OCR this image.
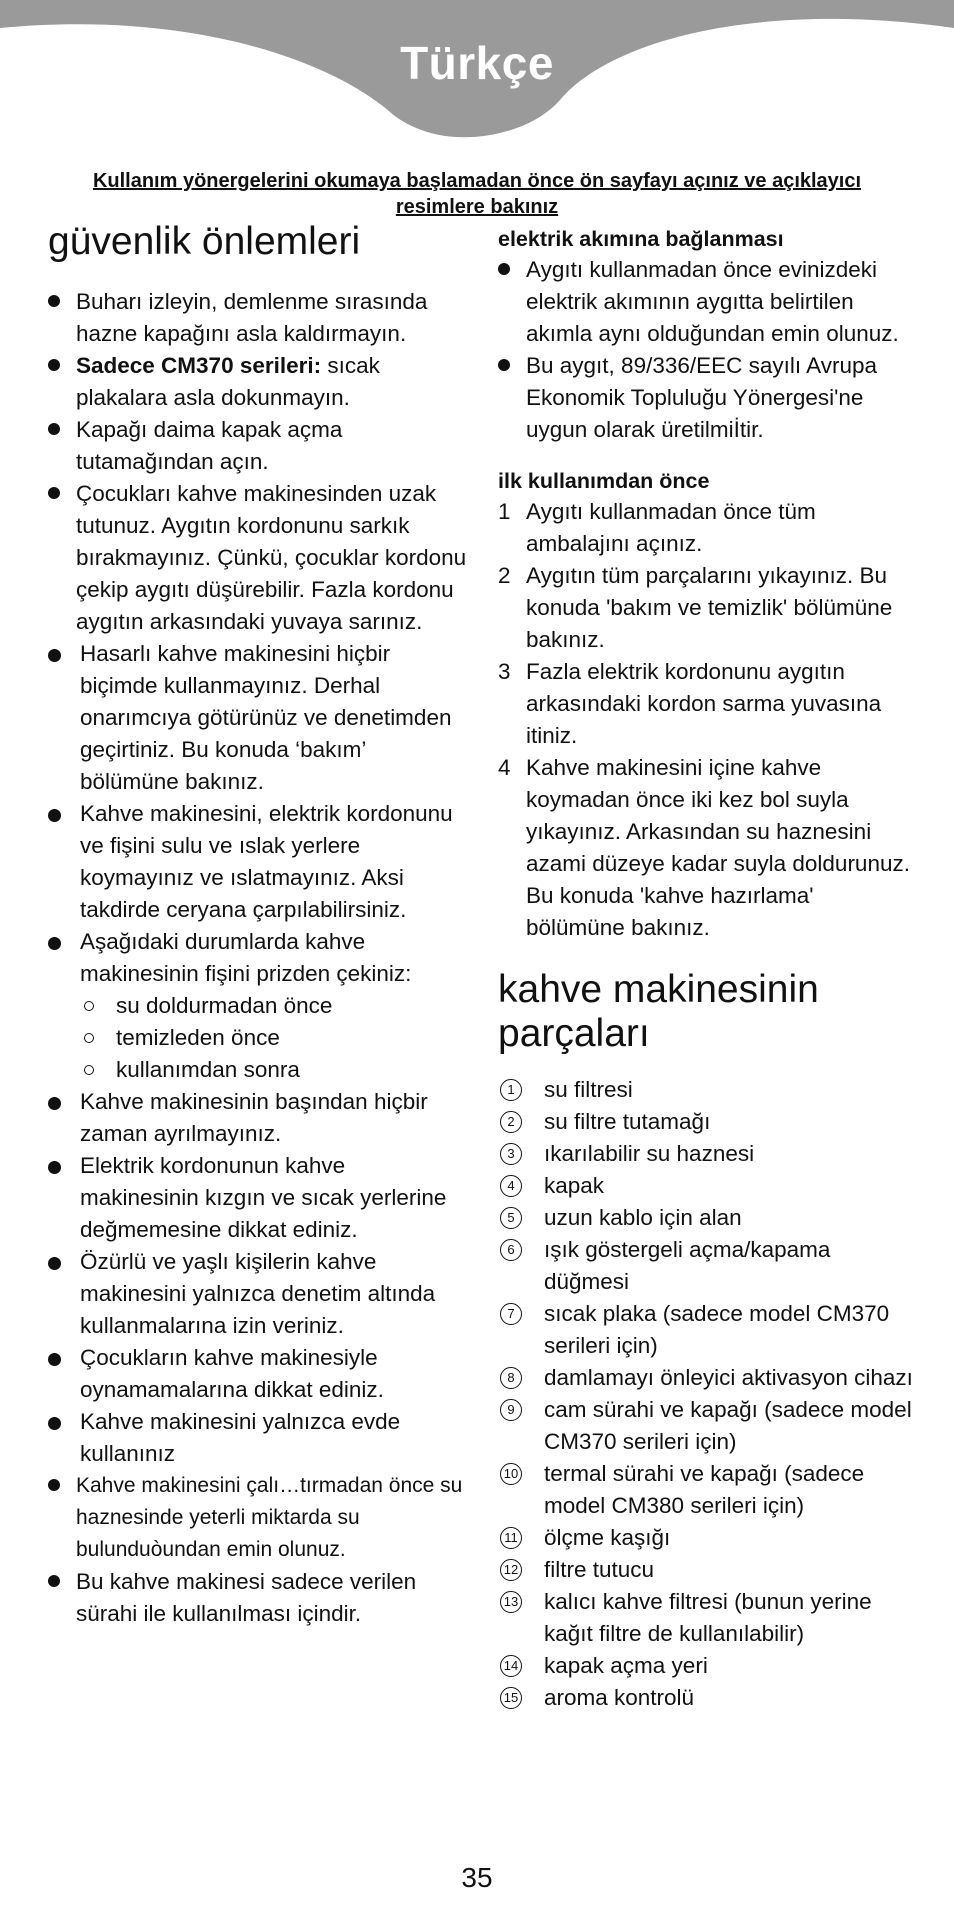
Türkçe
Kullanım yönergelerini okumaya başlamadan önce ön sayfayı açınız ve açıklayıcı resimlere bakınız
güvenlik önlemleri
Buharı izleyin, demlenme sırasında hazne kapağını asla kaldırmayın.
Sadece CM370 serileri: sıcak plakalara asla dokunmayın.
Kapağı daima kapak açma tutamağından açın.
Çocukları kahve makinesinden uzak tutunuz. Aygıtın kordonunu sarkık bırakmayınız. Çünkü, çocuklar kordonu çekip aygıtı düşürebilir. Fazla kordonu aygıtın arkasındaki yuvaya sarınız.
Hasarlı kahve makinesini hiçbir biçimde kullanmayınız. Derhal onarımcıya götürünüz ve denetimden geçirtiniz. Bu konuda ‘bakım’ bölümüne bakınız.
Kahve makinesini, elektrik kordonunu ve fişini sulu ve ıslak yerlere koymayınız ve ıslatmayınız. Aksi takdirde ceryana çarpılabilirsiniz.
Aşağıdaki durumlarda kahve makinesinin fişini prizden çekiniz:
su doldurmadan önce
temizleden önce
kullanımdan sonra
Kahve makinesinin başından hiçbir zaman ayrılmayınız.
Elektrik kordonunun kahve makinesinin kızgın ve sıcak yerlerine değmemesine dikkat ediniz.
Özürlü ve yaşlı kişilerin kahve makinesini yalnızca denetim altında kullanmalarına izin veriniz.
Çocukların kahve makinesiyle oynamamalarına dikkat ediniz.
Kahve makinesini yalnızca evde kullanınız
Kahve makinesini çalı…tırmadan önce su haznesinde yeterli miktarda su bulunduòundan emin olunuz.
Bu kahve makinesi sadece verilen sürahi ile kullanılması içindir.
elektrik akımına bağlanması
Aygıtı kullanmadan önce evinizdeki elektrik akımının aygıtta belirtilen akımla aynı olduğundan emin olunuz.
Bu aygıt, 89/336/EEC sayılı Avrupa Ekonomik Topluluğu Yönergesi'ne uygun olarak üretilmiİtir.
ilk kullanımdan önce
1 Aygıtı kullanmadan önce tüm ambalajını açınız.
2 Aygıtın tüm parçalarını yıkayınız. Bu konuda 'bakım ve temizlik' bölümüne bakınız.
3 Fazla elektrik kordonunu aygıtın arkasındaki kordon sarma yuvasına itiniz.
4 Kahve makinesini içine kahve koymadan önce iki kez bol suyla yıkayınız. Arkasından su haznesini azami düzeye kadar suyla doldurunuz. Bu konuda 'kahve hazırlama' bölümüne bakınız.
kahve makinesinin
parçaları
1	su filtresi
2	su filtre tutamağı
3	ıkarılabilir su haznesi
4	kapak
5	uzun kablo için alan
6	ışık göstergeli açma/kapama düğmesi
7	sıcak plaka (sadece model CM370 serileri için)
8	damlamayı önleyici aktivasyon cihazı
9	cam sürahi ve kapağı (sadece model CM370 serileri için)
10 termal sürahi ve kapağı (sadece model CM380 serileri için)
11 ölçme kaşığı
12 filtre tutucu
13 kalıcı kahve filtresi (bunun yerine kağıt filtre de kullanılabilir)
14 kapak açma yeri
15 aroma kontrolü
35
